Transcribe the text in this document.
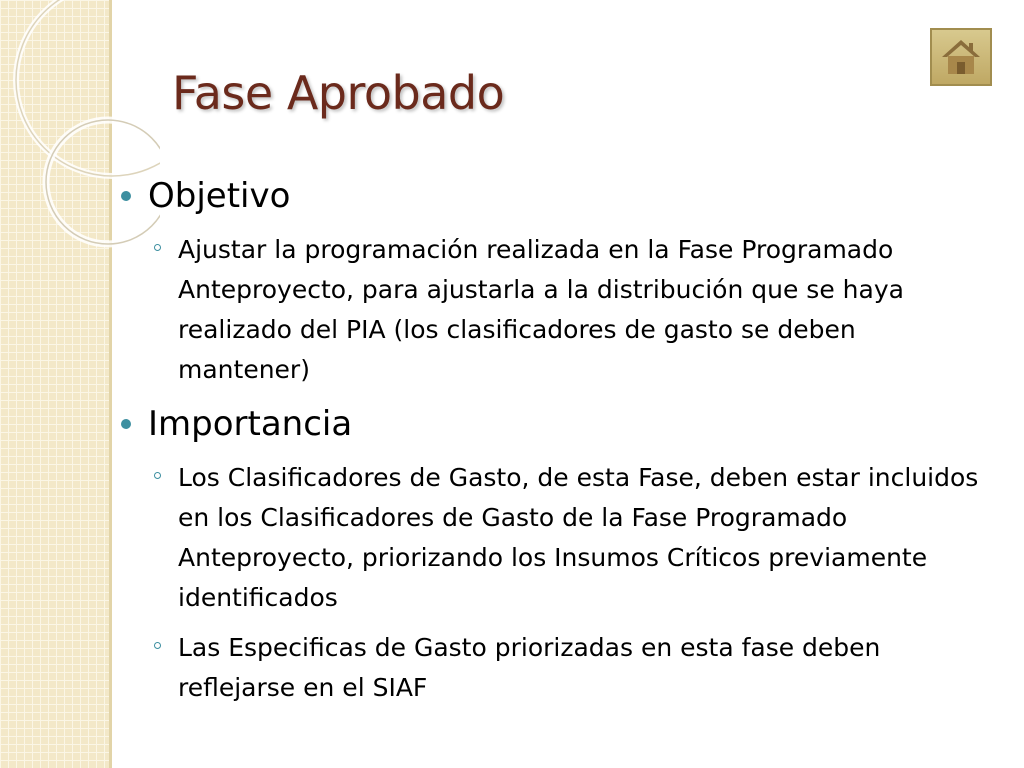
Fase Aprobado
Objetivo
Ajustar la programación realizada en la Fase Programado Anteproyecto, para ajustarla a la distribución que se haya realizado del PIA (los clasificadores de gasto se deben mantener)
Importancia
Los Clasificadores de Gasto, de esta Fase, deben estar incluidos en los Clasificadores de Gasto de la Fase Programado Anteproyecto, priorizando los Insumos Críticos previamente identificados
Las Especificas de Gasto priorizadas en esta fase deben reflejarse en el SIAF
